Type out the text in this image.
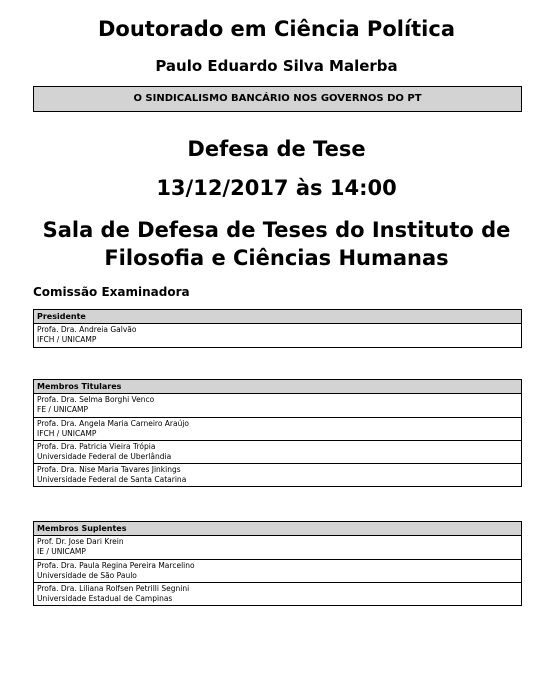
Doutorado em Ciência Política
Paulo Eduardo Silva Malerba
O SINDICALISMO BANCÁRIO NOS GOVERNOS DO PT
Defesa de Tese
13/12/2017 às 14:00
Sala de Defesa de Teses do Instituto de Filosofia e Ciências Humanas
Comissão Examinadora
Presidente
Profa. Dra. Andreia Galvão
IFCH / UNICAMP
Membros Titulares
Profa. Dra. Selma Borghi Venco
FE / UNICAMP
Profa. Dra. Angela Maria Carneiro Araújo
IFCH / UNICAMP
Profa. Dra. Patricia Vieira Trópia
Universidade Federal de Uberlândia
Profa. Dra. Nise Maria Tavares Jinkings
Universidade Federal de Santa Catarina
Membros Suplentes
Prof. Dr. Jose Dari Krein
IE / UNICAMP
Profa. Dra. Paula Regina Pereira Marcelino
Universidade de São Paulo
Profa. Dra. Liliana Rolfsen Petrilli Segnini
Universidade Estadual de Campinas
